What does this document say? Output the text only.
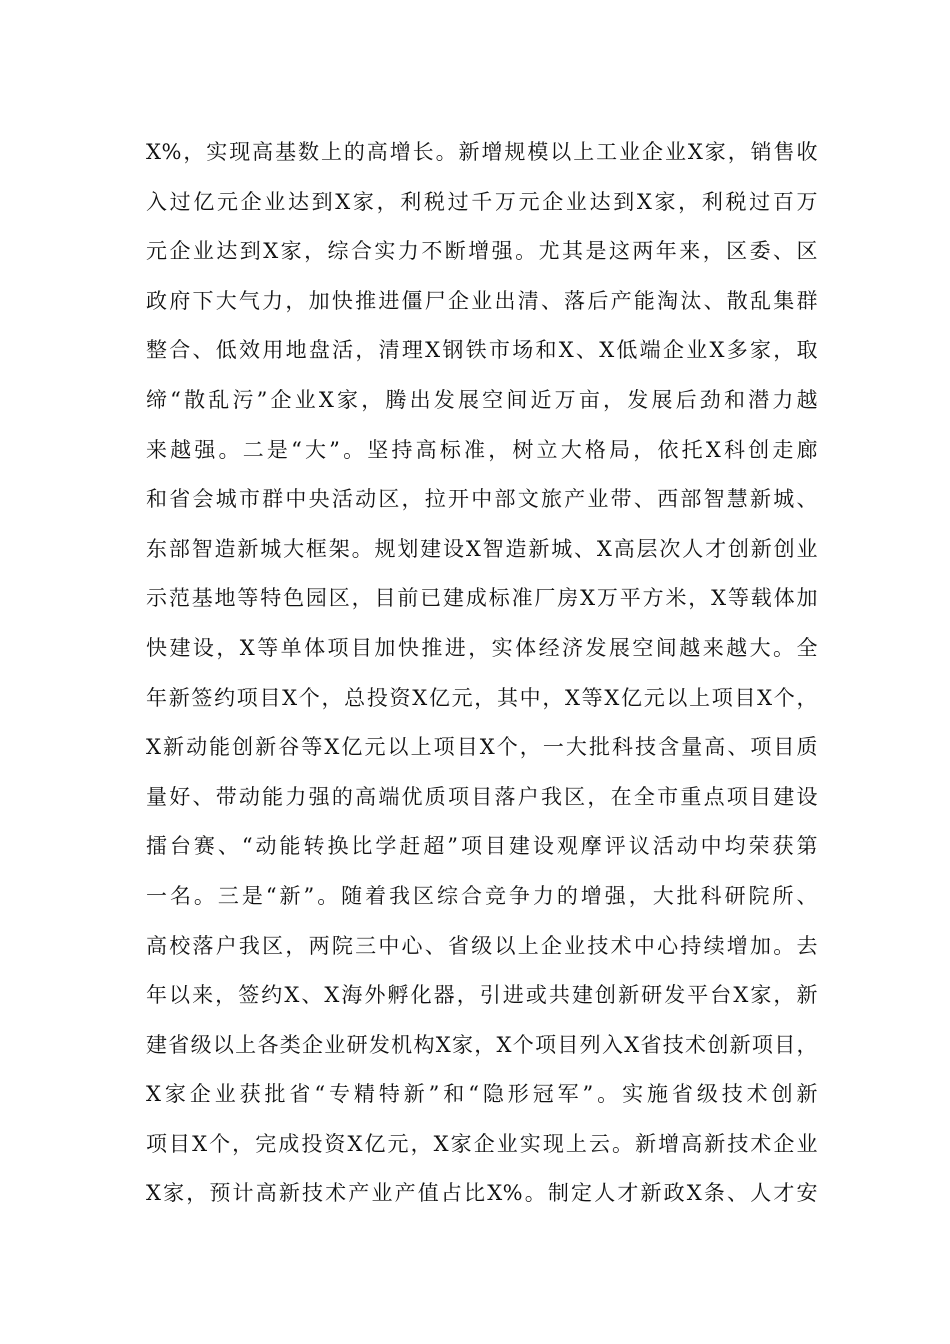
X%，实现高基数上的高增长。新增规模以上工业企业X家，销售收
入过亿元企业达到X家，利税过千万元企业达到X家，利税过百万
元企业达到X家，综合实力不断增强。尤其是这两年来，区委、区
政府下大气力，加快推进僵尸企业出清、落后产能淘汰、散乱集群
整合、低效用地盘活，清理X钢铁市场和X、X低端企业X多家，取
缔“散乱污”企业X家，腾出发展空间近万亩，发展后劲和潜力越
来越强。二是“大”。坚持高标准，树立大格局，依托X科创走廊
和省会城市群中央活动区，拉开中部文旅产业带、西部智慧新城、
东部智造新城大框架。规划建设X智造新城、X高层次人才创新创业
示范基地等特色园区，目前已建成标准厂房X万平方米，X等载体加
快建设，X等单体项目加快推进，实体经济发展空间越来越大。全
年新签约项目X个，总投资X亿元，其中，X等X亿元以上项目X个，
X新动能创新谷等X亿元以上项目X个，一大批科技含量高、项目质
量好、带动能力强的高端优质项目落户我区，在全市重点项目建设
擂台赛、“动能转换比学赶超”项目建设观摩评议活动中均荣获第
一名。三是“新”。随着我区综合竞争力的增强，大批科研院所、
高校落户我区，两院三中心、省级以上企业技术中心持续增加。去
年以来，签约X、X海外孵化器，引进或共建创新研发平台X家，新
建省级以上各类企业研发机构X家，X个项目列入X省技术创新项目，
X家企业获批省“专精特新”和“隐形冠军”。实施省级技术创新
项目X个，完成投资X亿元，X家企业实现上云。新增高新技术企业
X家，预计高新技术产业产值占比X%。制定人才新政X条、人才安
